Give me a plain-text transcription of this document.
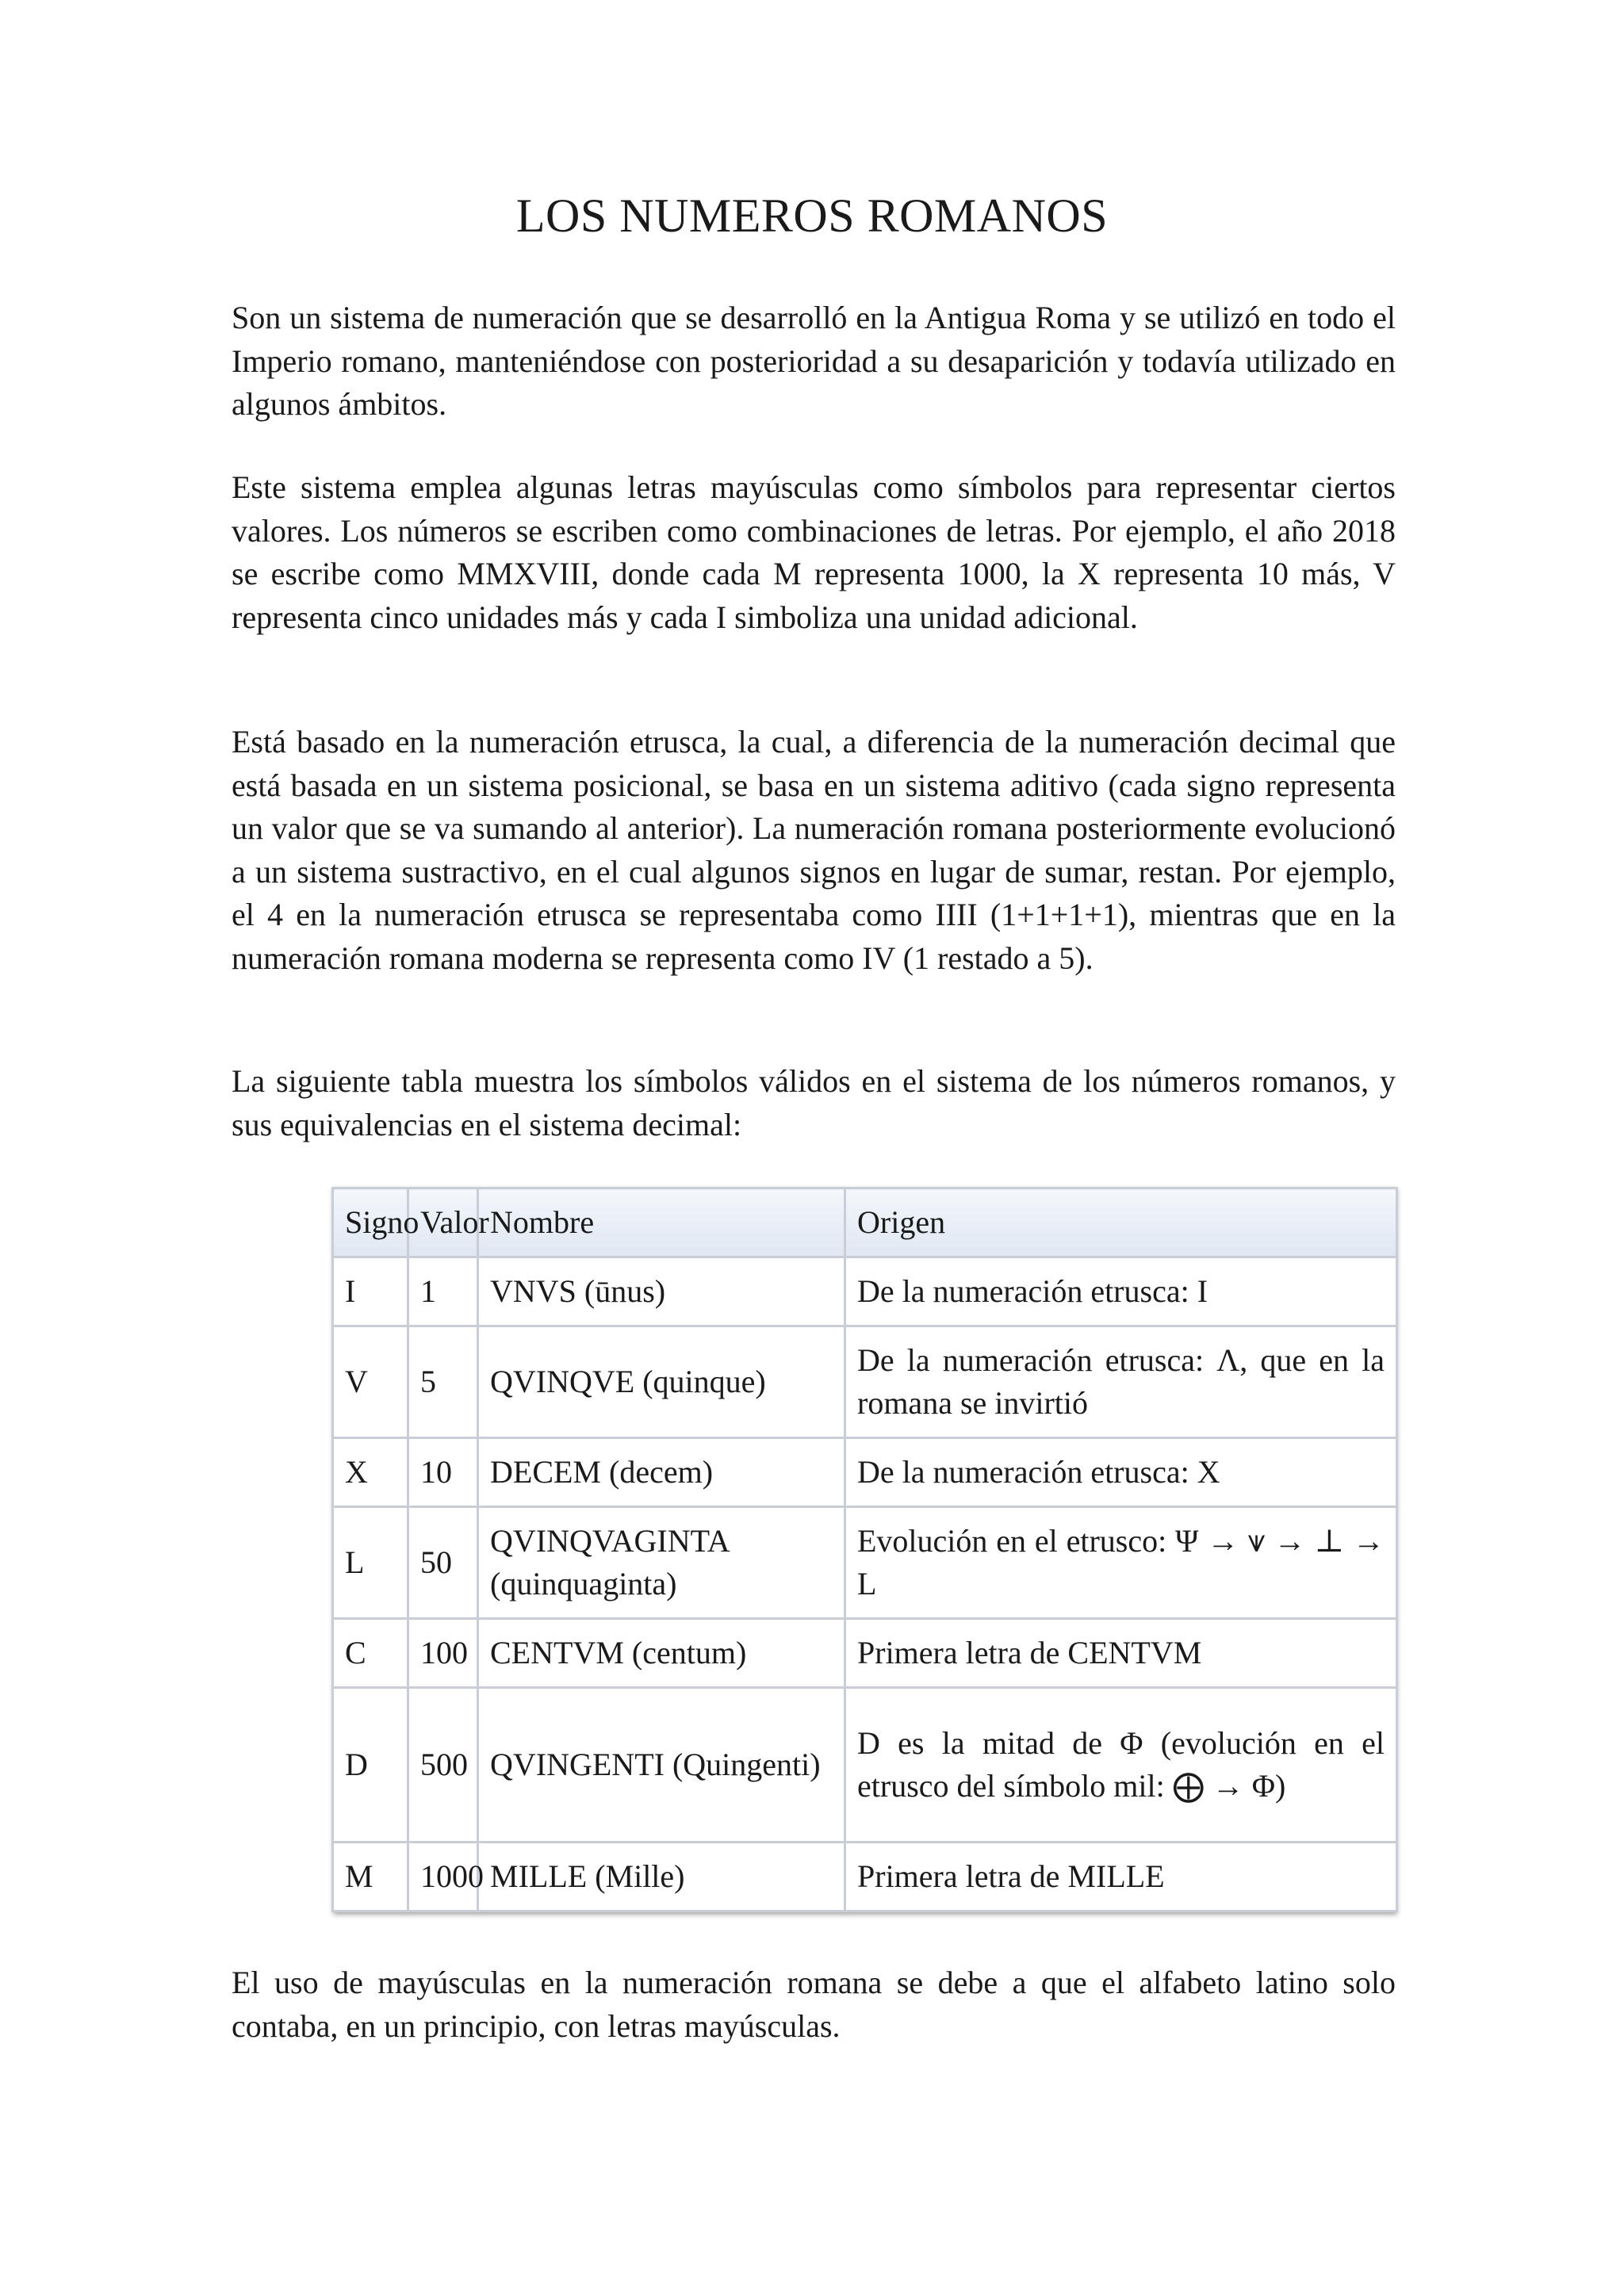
LOS NUMEROS ROMANOS

Son un sistema de numeración que se desarrolló en la Antigua Roma y se utilizó en todo el Imperio romano, manteniéndose con posterioridad a su desaparición y todavía utilizado en algunos ámbitos.

Este sistema emplea algunas letras mayúsculas como símbolos para representar ciertos valores. Los números se escriben como combinaciones de letras. Por ejemplo, el año 2018 se escribe como MMXVIII, donde cada M representa 1000, la X representa 10 más, V representa cinco unidades más y cada I simboliza una unidad adicional.

Está basado en la numeración etrusca, la cual, a diferencia de la numeración decimal que está basada en un sistema posicional, se basa en un sistema aditivo (cada signo representa un valor que se va sumando al anterior). La numeración romana posteriormente evolucionó a un sistema sustractivo, en el cual algunos signos en lugar de sumar, restan. Por ejemplo, el 4 en la numeración etrusca se representaba como IIII (1+1+1+1), mientras que en la numeración romana moderna se representa como IV (1 restado a 5).

La siguiente tabla muestra los símbolos válidos en el sistema de los números romanos, y sus equivalencias en el sistema decimal:

Signo	Valor	Nombre	Origen
I	1	VNVS (ūnus)	De la numeración etrusca: I
V	5	QVINQVE (quinque)	De la numeración etrusca: Λ, que en la romana se invirtió
X	10	DECEM (decem)	De la numeración etrusca: X
L	50	QVINQVAGINTA (quinquaginta)	Evolución en el etrusco: Ψ → ⩛ → ⊥ → L
C	100	CENTVM (centum)	Primera letra de CENTVM
D	500	QVINGENTI (Quingenti)	D es la mitad de Φ (evolución en el etrusco del símbolo mil: ⨁ → Φ)
M	1000	MILLE (Mille)	Primera letra de MILLE

El uso de mayúsculas en la numeración romana se debe a que el alfabeto latino solo contaba, en un principio, con letras mayúsculas.
